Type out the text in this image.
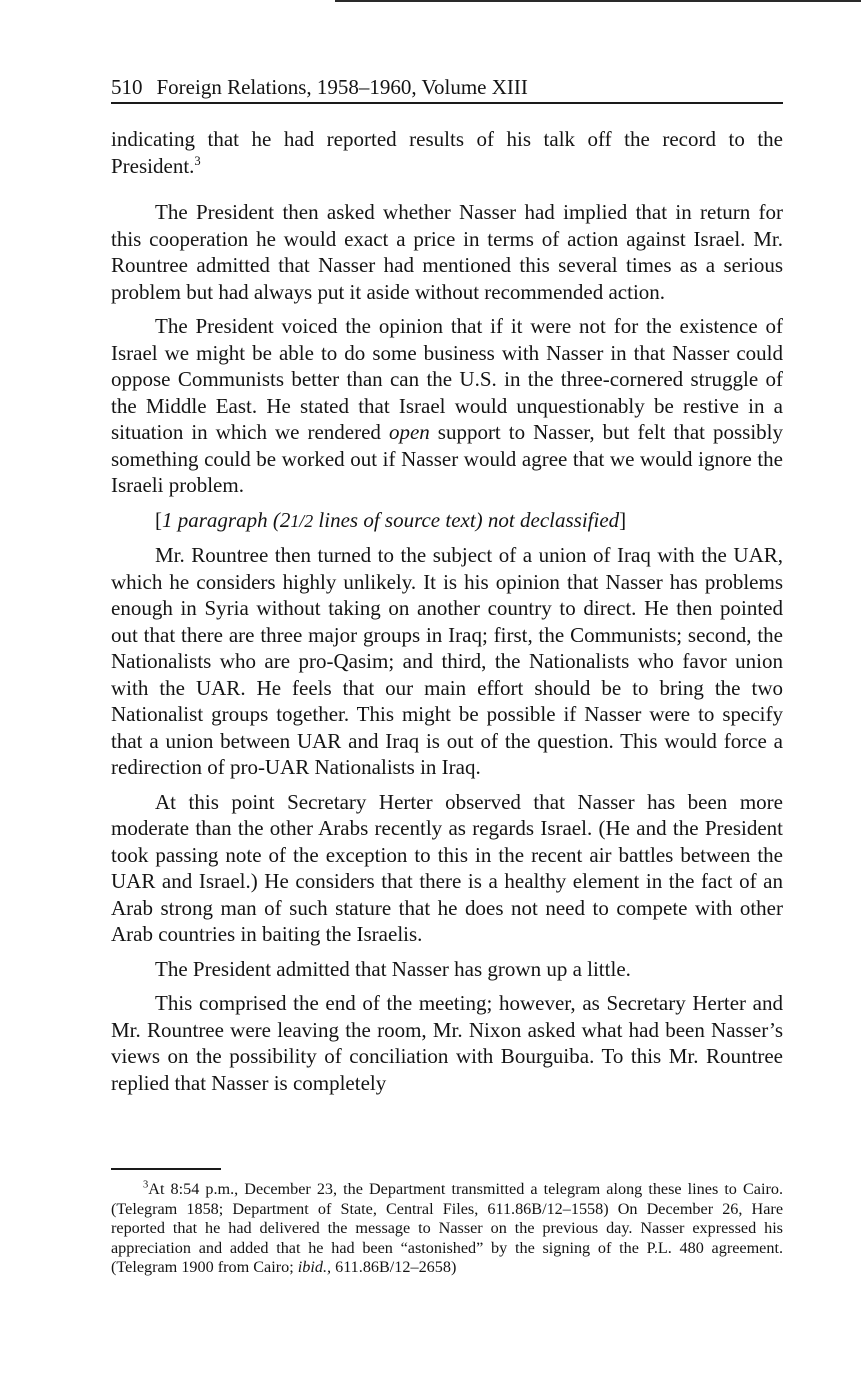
510 Foreign Relations, 1958–1960, Volume XIII

indicating that he had reported results of his talk off the record to the President.$^3$

The President then asked whether Nasser had implied that in return for this cooperation he would exact a price in terms of action against Israel. Mr. Rountree admitted that Nasser had mentioned this several times as a serious problem but had always put it aside without recommended action.

The President voiced the opinion that if it were not for the existence of Israel we might be able to do some business with Nasser in that Nasser could oppose Communists better than can the U.S. in the three-cornered struggle of the Middle East. He stated that Israel would unquestionably be restive in a situation in which we rendered open support to Nasser, but felt that possibly something could be worked out if Nasser would agree that we would ignore the Israeli problem.

[1 paragraph (21/2 lines of source text) not declassified]

Mr. Rountree then turned to the subject of a union of Iraq with the UAR, which he considers highly unlikely. It is his opinion that Nasser has problems enough in Syria without taking on another country to direct. He then pointed out that there are three major groups in Iraq; first, the Communists; second, the Nationalists who are pro-Qasim; and third, the Nationalists who favor union with the UAR. He feels that our main effort should be to bring the two Nationalist groups together. This might be possible if Nasser were to specify that a union between UAR and Iraq is out of the question. This would force a redirection of pro-UAR Nationalists in Iraq.

At this point Secretary Herter observed that Nasser has been more moderate than the other Arabs recently as regards Israel. (He and the President took passing note of the exception to this in the recent air battles between the UAR and Israel.) He considers that there is a healthy element in the fact of an Arab strong man of such stature that he does not need to compete with other Arab countries in baiting the Israelis.

The President admitted that Nasser has grown up a little.

This comprised the end of the meeting; however, as Secretary Herter and Mr. Rountree were leaving the room, Mr. Nixon asked what had been Nasser’s views on the possibility of conciliation with Bourguiba. To this Mr. Rountree replied that Nasser is completely

$^3$At 8:54 p.m., December 23, the Department transmitted a telegram along these lines to Cairo. (Telegram 1858; Department of State, Central Files, 611.86B/12–1558) On December 26, Hare reported that he had delivered the message to Nasser on the previous day. Nasser expressed his appreciation and added that he had been “astonished” by the signing of the P.L. 480 agreement. (Telegram 1900 from Cairo; ibid., 611.86B/12–2658)
